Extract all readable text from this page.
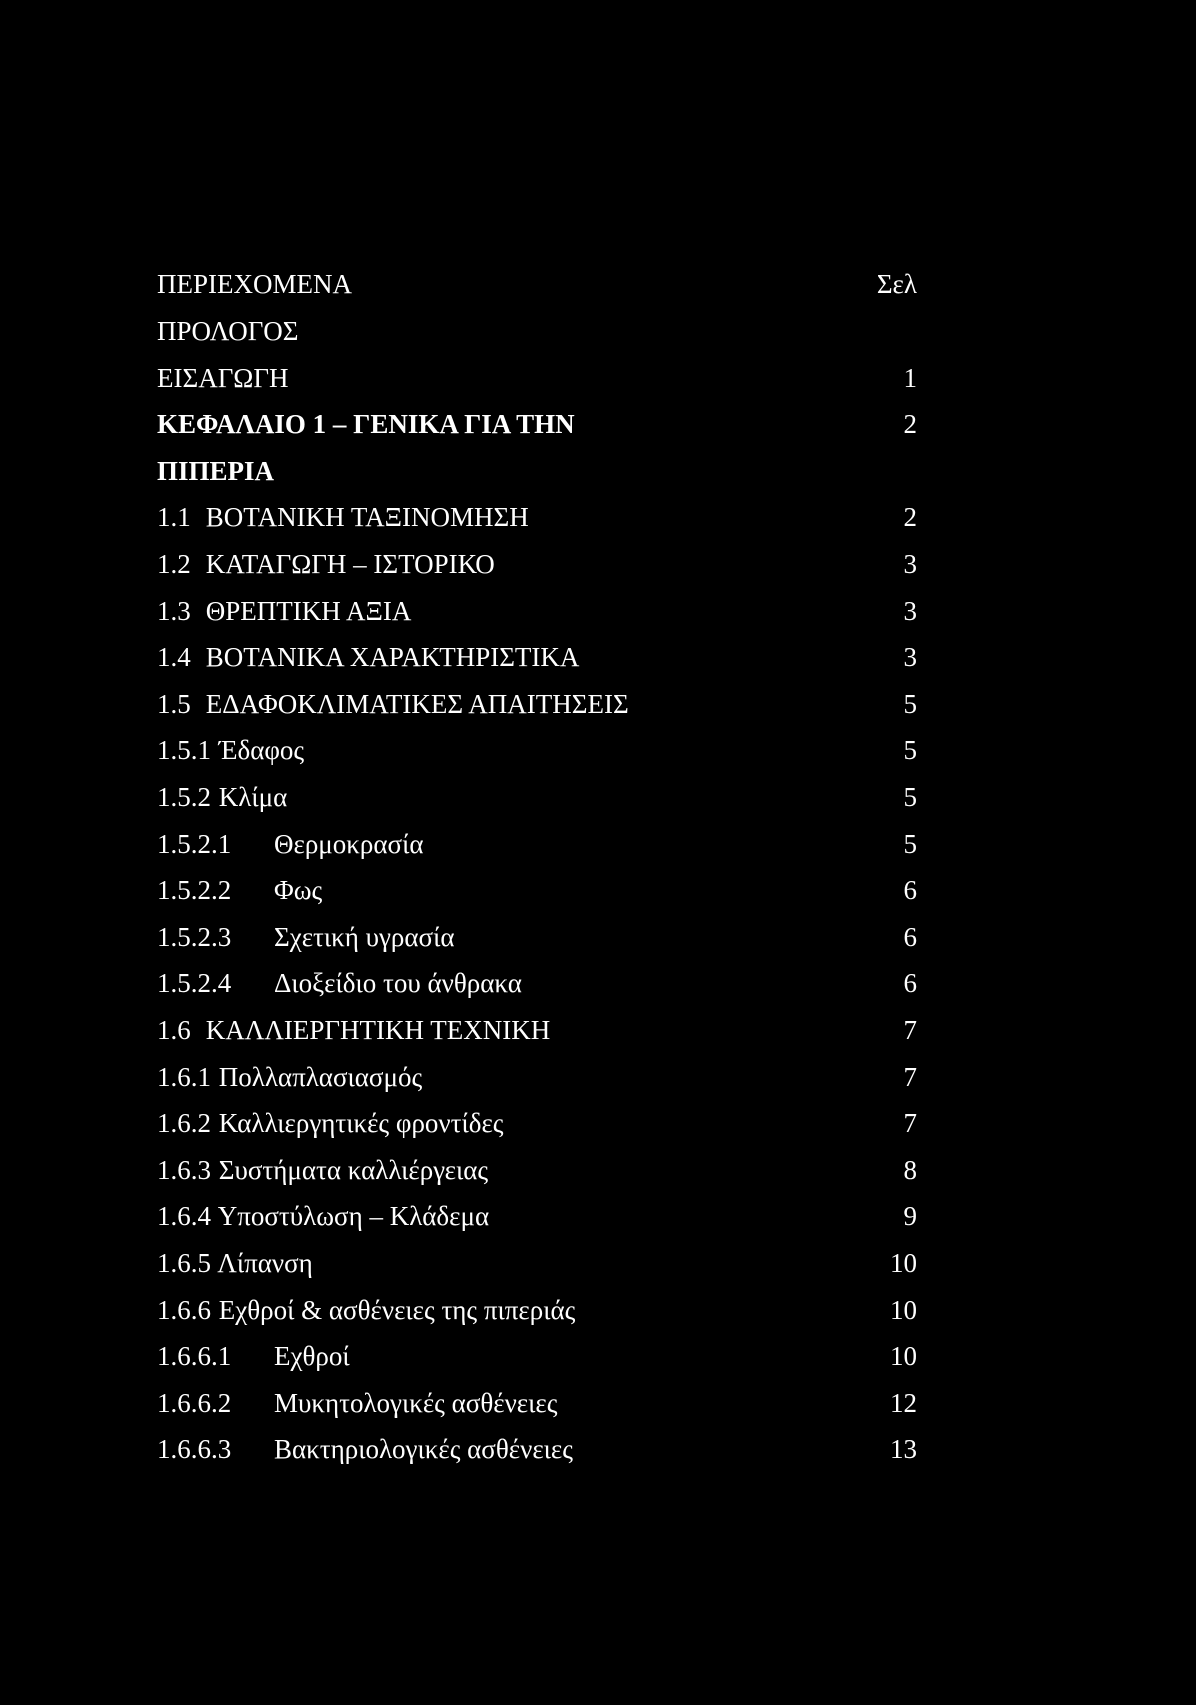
ΠΕΡΙΕΧΟΜΕΝΑ	Σελ
ΠΡΟΛΟΓΟΣ
ΕΙΣΑΓΩΓΗ	1
ΚΕΦΑΛΑΙΟ 1 – ΓΕΝΙΚΑ ΓΙΑ ΤΗΝ	2
ΠΙΠΕΡΙΑ
1.1 ΒΟΤΑΝΙΚΗ ΤΑΞΙΝΟΜΗΣΗ	2
1.2 ΚΑΤΑΓΩΓΗ – ΙΣΤΟΡΙΚΟ	3
1.3 ΘΡΕΠΤΙΚΗ ΑΞΙΑ	3
1.4 ΒΟΤΑΝΙΚΑ ΧΑΡΑΚΤΗΡΙΣΤΙΚΑ	3
1.5 ΕΔΑΦΟΚΛΙΜΑΤΙΚΕΣ ΑΠΑΙΤΗΣΕΙΣ	5
1.5.1 Έδαφος	5
1.5.2 Κλίμα	5
1.5.2.1  Θερμοκρασία	5
1.5.2.2  Φως	6
1.5.2.3  Σχετική υγρασία	6
1.5.2.4  Διοξείδιο του άνθρακα	6
1.6 ΚΑΛΛΙΕΡΓΗΤΙΚΗ ΤΕΧΝΙΚΗ	7
1.6.1 Πολλαπλασιασμός	7
1.6.2 Καλλιεργητικές φροντίδες	7
1.6.3 Συστήματα καλλιέργειας	8
1.6.4 Υποστύλωση – Κλάδεμα	9
1.6.5 Λίπανση	10
1.6.6 Εχθροί & ασθένειες της πιπεριάς	10
1.6.6.1  Εχθροί	10
1.6.6.2  Μυκητολογικές ασθένειες	12
1.6.6.3  Βακτηριολογικές ασθένειες	13
